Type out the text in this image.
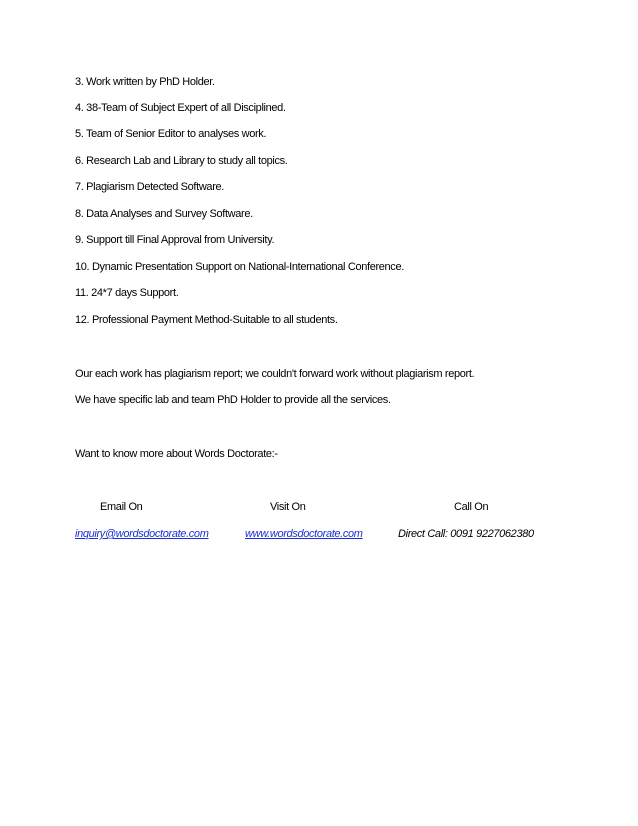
3. Work written by PhD Holder.
4. 38-Team of Subject Expert of all Disciplined.
5. Team of Senior Editor to analyses work.
6. Research Lab and Library to study all topics.
7. Plagiarism Detected Software.
8. Data Analyses and Survey Software.
9. Support till Final Approval from University.
10. Dynamic Presentation Support on National-International Conference.
11. 24*7 days Support.
12. Professional Payment Method-Suitable to all students.
Our each work has plagiarism report; we couldn't forward work without plagiarism report.
We have specific lab and team PhD Holder to provide all the services.
Want to know more about Words Doctorate:-
Email On	Visit On	Call On
inquiry@wordsdoctorate.com	www.wordsdoctorate.com	Direct Call: 0091 9227062380
